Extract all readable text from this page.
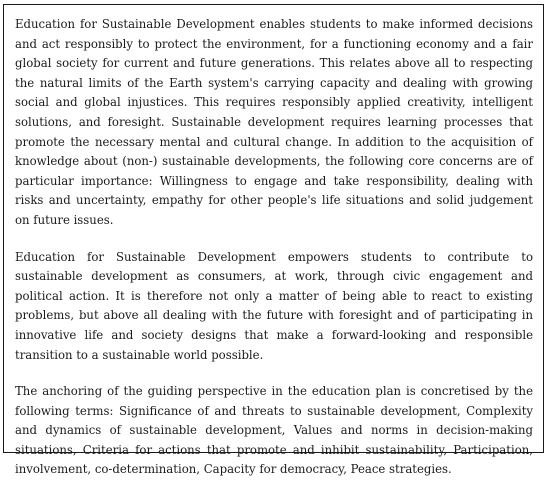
Education for Sustainable Development enables students to make informed decisions and act responsibly to protect the environment, for a functioning economy and a fair global society for current and future generations. This relates above all to respecting the natural limits of the Earth system's carrying capacity and dealing with growing social and global injustices. This requires responsibly applied creativity, intelligent solutions, and foresight. Sustainable development requires learning processes that promote the necessary mental and cultural change. In addition to the acquisition of knowledge about (non-) sustainable developments, the following core concerns are of particular importance: Willingness to engage and take responsibility, dealing with risks and uncertainty, empathy for other people's life situations and solid judgement on future issues.

Education for Sustainable Development empowers students to contribute to sustainable development as consumers, at work, through civic engagement and political action. It is therefore not only a matter of being able to react to existing problems, but above all dealing with the future with foresight and of participating in innovative life and society designs that make a forward-looking and responsible transition to a sustainable world possible.

The anchoring of the guiding perspective in the education plan is concretised by the following terms: Significance of and threats to sustainable development, Complexity and dynamics of sustainable development, Values and norms in decision-making situations, Criteria for actions that promote and inhibit sustainability, Participation, involvement, co-determination, Capacity for democracy, Peace strategies.
